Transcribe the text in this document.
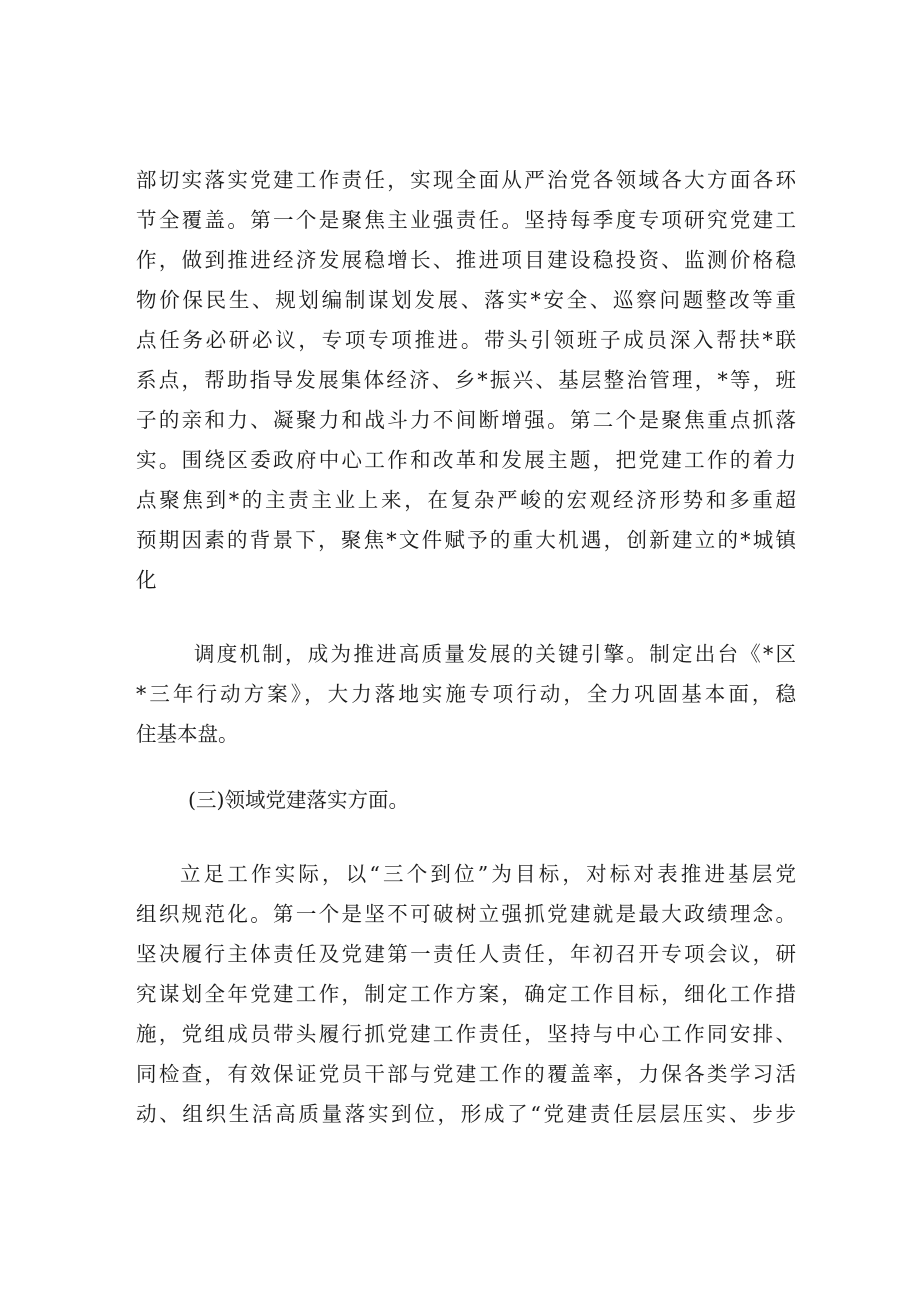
部切实落实党建工作责任，实现全面从严治党各领域各大方面各环
节全覆盖。第一个是聚焦主业强责任。坚持每季度专项研究党建工
作，做到推进经济发展稳增长、推进项目建设稳投资、监测价格稳
物价保民生、规划编制谋划发展、落实*安全、巡察问题整改等重
点任务必研必议，专项专项推进。带头引领班子成员深入帮扶*联
系点，帮助指导发展集体经济、乡*振兴、基层整治管理，*等，班
子的亲和力、凝聚力和战斗力不间断增强。第二个是聚焦重点抓落
实。围绕区委政府中心工作和改革和发展主题，把党建工作的着力
点聚焦到*的主责主业上来，在复杂严峻的宏观经济形势和多重超
预期因素的背景下，聚焦*文件赋予的重大机遇，创新建立的*城镇
化
调度机制，成为推进高质量发展的关键引擎。制定出台《*区
*三年行动方案》，大力落地实施专项行动，全力巩固基本面，稳
住基本盘。
(三)领域党建落实方面。
立足工作实际，以“三个到位”为目标，对标对表推进基层党
组织规范化。第一个是坚不可破树立强抓党建就是最大政绩理念。
坚决履行主体责任及党建第一责任人责任，年初召开专项会议，研
究谋划全年党建工作，制定工作方案，确定工作目标，细化工作措
施，党组成员带头履行抓党建工作责任，坚持与中心工作同安排、
同检查，有效保证党员干部与党建工作的覆盖率，力保各类学习活
动、组织生活高质量落实到位，形成了“党建责任层层压实、步步
